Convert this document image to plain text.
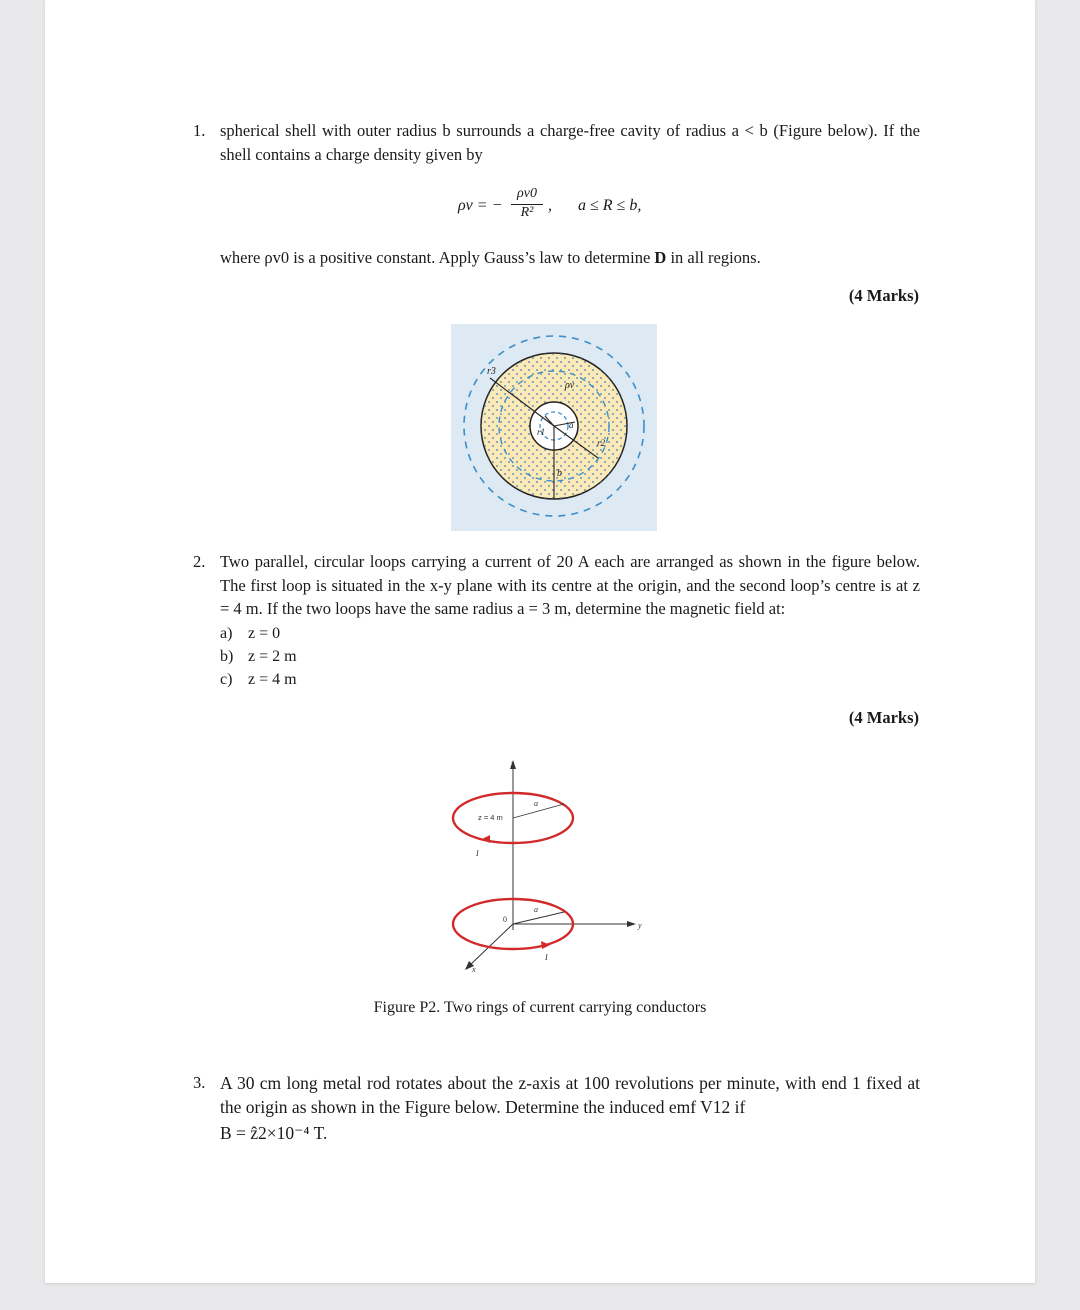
1. spherical shell with outer radius b surrounds a charge-free cavity of radius a < b (Figure below). If the shell contains a charge density given by
ρv = −
ρv0
R² , a ≤ R ≤ b,
where ρv0 is a positive constant. Apply Gauss’s law to determine D in all regions.
(4 Marks)
r3
ρv
r1
a
r2
b
2. Two parallel, circular loops carrying a current of 20 A each are arranged as shown in the figure below. The first loop is situated in the x-y plane with its centre at the origin, and the second loop’s centre is at z = 4 m. If the two loops have the same radius a = 3 m, determine the magnetic field at:
a) z = 0
b) z = 2 m
c) z = 4 m
(4 Marks)
z
y
x
a
z = 4 m
I
a
0
I
Figure P2. Two rings of current carrying conductors
3. A 30 cm long metal rod rotates about the z-axis at 100 revolutions per minute, with end 1 fixed at the origin as shown in the Figure below. Determine the induced emf V12 if
B = ẑ2×10⁻⁴ T.
